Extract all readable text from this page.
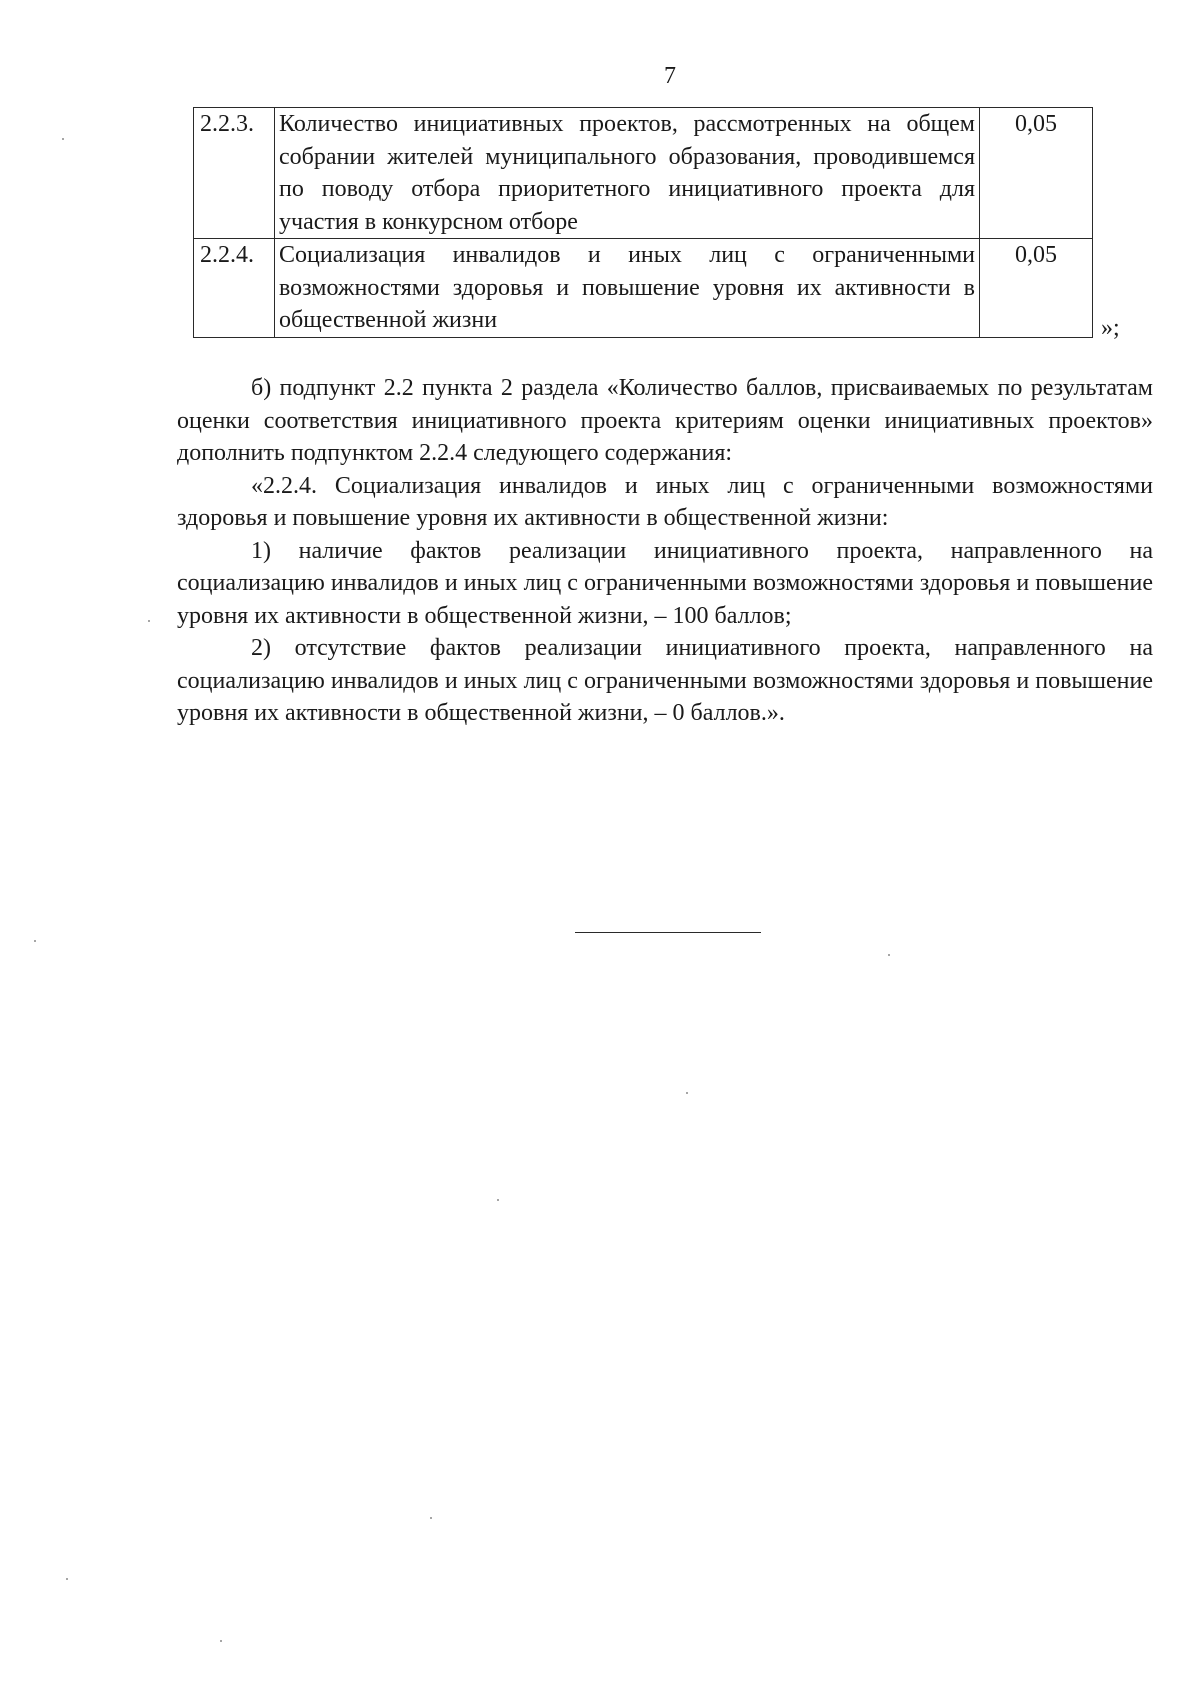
7
2.2.3.	Количество инициативных проектов, рассмотренных на общем собрании жителей муниципального образования, проводившемся по поводу отбора приоритетного инициативного проекта для участия в конкурсном отборе	0,05
2.2.4.	Социализация инвалидов и иных лиц с ограниченными возможностями здоровья и повышение уровня их активности в общественной жизни	0,05
»;

б) подпункт 2.2 пункта 2 раздела «Количество баллов, присваиваемых по результатам оценки соответствия инициативного проекта критериям оценки инициативных проектов» дополнить подпунктом 2.2.4 следующего содержания:

«2.2.4. Социализация инвалидов и иных лиц с ограниченными возможностями здоровья и повышение уровня их активности в общественной жизни:

1) наличие фактов реализации инициативного проекта, направленного на социализацию инвалидов и иных лиц с ограниченными возможностями здоровья и повышение уровня их активности в общественной жизни, – 100 баллов;

2) отсутствие фактов реализации инициативного проекта, направленного на социализацию инвалидов и иных лиц с ограниченными возможностями здоровья и повышение уровня их активности в общественной жизни, – 0 баллов.».
